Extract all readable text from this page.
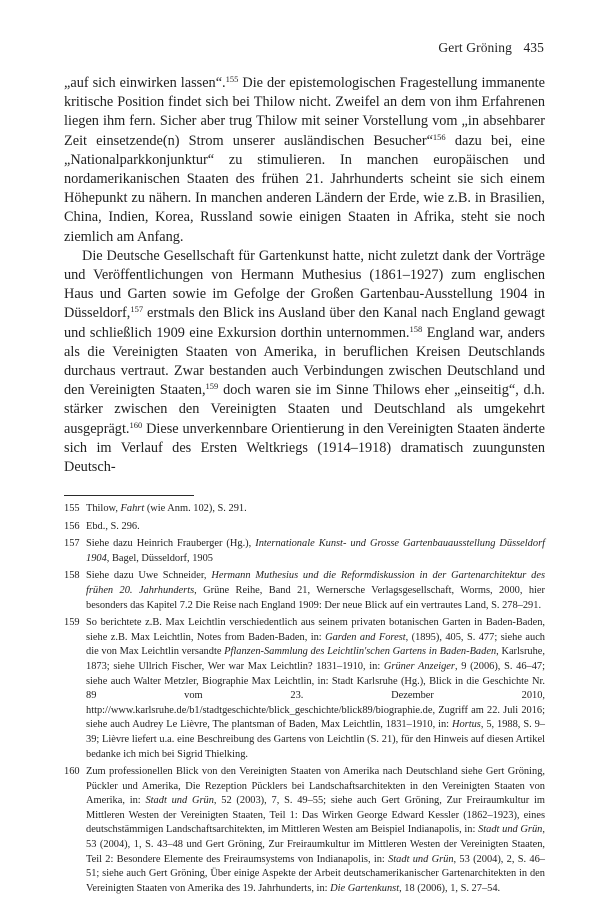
Gert Gröning 435

„auf sich einwirken lassen“.$^{155}$ Die der epistemologischen Fragestellung immanente kritische Position findet sich bei Thilow nicht. Zweifel an dem von ihm Erfahrenen liegen ihm fern. Sicher aber trug Thilow mit seiner Vorstellung vom „in absehbarer Zeit einsetzende(n) Strom unserer ausländischen Besucher“$^{156}$ dazu bei, eine „Nationalparkkonjunktur“ zu stimulieren. In manchen europäischen und nordamerikanischen Staaten des frühen 21. Jahrhunderts scheint sie sich einem Höhepunkt zu nähern. In manchen anderen Ländern der Erde, wie z.B. in Brasilien, China, Indien, Korea, Russland sowie einigen Staaten in Afrika, steht sie noch ziemlich am Anfang.

Die Deutsche Gesellschaft für Gartenkunst hatte, nicht zuletzt dank der Vorträge und Veröffentlichungen von Hermann Muthesius (1861–1927) zum englischen Haus und Garten sowie im Gefolge der Großen Gartenbau-Ausstellung 1904 in Düsseldorf,$^{157}$ erstmals den Blick ins Ausland über den Kanal nach England gewagt und schließlich 1909 eine Exkursion dorthin unternommen.$^{158}$ England war, anders als die Vereinigten Staaten von Amerika, in beruflichen Kreisen Deutschlands durchaus vertraut. Zwar bestanden auch Verbindungen zwischen Deutschland und den Vereinigten Staaten,$^{159}$ doch waren sie im Sinne Thilows eher „einseitig“, d.h. stärker zwischen den Vereinigten Staaten und Deutschland als umgekehrt ausgeprägt.$^{160}$ Diese unverkennbare Orientierung in den Vereinigten Staaten änderte sich im Verlauf des Ersten Weltkriegs (1914–1918) dramatisch zuungunsten Deutsch-

155 Thilow, Fahrt (wie Anm. 102), S. 291.
156 Ebd., S. 296.
157 Siehe dazu Heinrich Frauberger (Hg.), Internationale Kunst- und Grosse Gartenbauausstellung Düsseldorf 1904, Bagel, Düsseldorf, 1905
158 Siehe dazu Uwe Schneider, Hermann Muthesius und die Reformdiskussion in der Gartenarchitektur des frühen 20. Jahrhunderts, Grüne Reihe, Band 21, Wernersche Verlagsgesellschaft, Worms, 2000, hier besonders das Kapitel 7.2 Die Reise nach England 1909: Der neue Blick auf ein vertrautes Land, S. 278–291.
159 So berichtete z.B. Max Leichtlin verschiedentlich aus seinem privaten botanischen Garten in Baden-Baden, siehe z.B. Max Leichtlin, Notes from Baden-Baden, in: Garden and Forest, (1895), 405, S. 477; siehe auch die von Max Leichtlin versandte Pflanzen-Sammlung des Leichtlin'schen Gartens in Baden-Baden, Karlsruhe, 1873; siehe Ullrich Fischer, Wer war Max Leichtlin? 1831–1910, in: Grüner Anzeiger, 9 (2006), S. 46–47; siehe auch Walter Metzler, Biographie Max Leichtlin, in: Stadt Karlsruhe (Hg.), Blick in die Geschichte Nr. 89 vom 23. Dezember 2010, http://www.karlsruhe.de/b1/stadtgeschichte/blick_geschichte/blick89/biographie.de, Zugriff am 22. Juli 2016; siehe auch Audrey Le Lièvre, The plantsman of Baden, Max Leichtlin, 1831–1910, in: Hortus, 5, 1988, S. 9–39; Lièvre liefert u.a. eine Beschreibung des Gartens von Leichtlin (S. 21), für den Hinweis auf diesen Artikel bedanke ich mich bei Sigrid Thielking.
160 Zum professionellen Blick von den Vereinigten Staaten von Amerika nach Deutschland siehe Gert Gröning, Pückler und Amerika, Die Rezeption Pücklers bei Landschaftsarchitekten in den Vereinigten Staaten von Amerika, in: Stadt und Grün, 52 (2003), 7, S. 49–55; siehe auch Gert Gröning, Zur Freiraumkultur im Mittleren Westen der Vereinigten Staaten, Teil 1: Das Wirken George Edward Kessler (1862–1923), eines deutschstämmigen Landschaftsarchitekten, im Mittleren Westen am Beispiel Indianapolis, in: Stadt und Grün, 53 (2004), 1, S. 43–48 und Gert Gröning, Zur Freiraumkultur im Mittleren Westen der Vereinigten Staaten, Teil 2: Besondere Elemente des Freiraumsystems von Indianapolis, in: Stadt und Grün, 53 (2004), 2, S. 46–51; siehe auch Gert Gröning, Über einige Aspekte der Arbeit deutschamerikanischer Gartenarchitekten in den Vereinigten Staaten von Amerika des 19. Jahrhunderts, in: Die Gartenkunst, 18 (2006), 1, S. 27–54.
